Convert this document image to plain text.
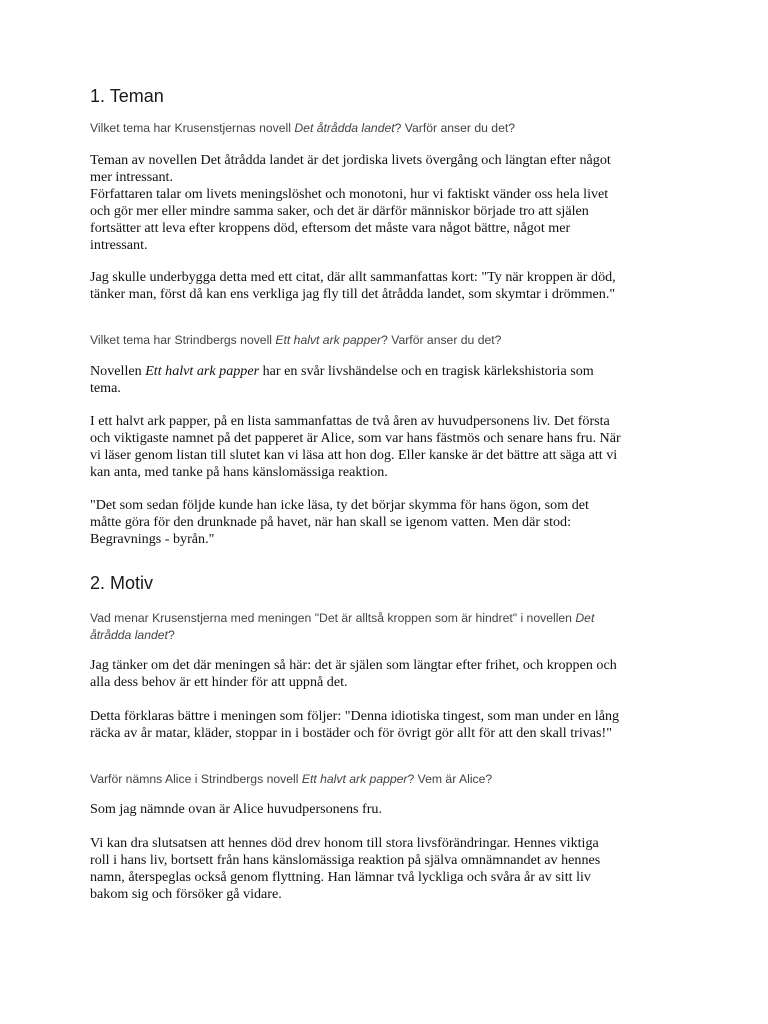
1. Teman

Vilket tema har Krusenstjernas novell Det åtrådda landet? Varför anser du det?

Teman av novellen Det åtrådda landet är det jordiska livets övergång och längtan efter något
mer intressant.
Författaren talar om livets meningslöshet och monotoni, hur vi faktiskt vänder oss hela livet
och gör mer eller mindre samma saker, och det är därför människor började tro att själen
fortsätter att leva efter kroppens död, eftersom det måste vara något bättre, något mer
intressant.
Jag skulle underbygga detta med ett citat, där allt sammanfattas kort: "Ty när kroppen är död,
tänker man, först då kan ens verkliga jag fly till det åtrådda landet, som skymtar i drömmen."

Vilket tema har Strindbergs novell Ett halvt ark papper? Varför anser du det?

Novellen Ett halvt ark papper har en svår livshändelse och en tragisk kärlekshistoria som
tema.
I ett halvt ark papper, på en lista sammanfattas de två åren av huvudpersonens liv. Det första
och viktigaste namnet på det papperet är Alice, som var hans fästmös och senare hans fru. När
vi läser genom listan till slutet kan vi läsa att hon dog. Eller kanske är det bättre att säga att vi
kan anta, med tanke på hans känslomässiga reaktion.
"Det som sedan följde kunde han icke läsa, ty det börjar skymma för hans ögon, som det
måtte göra för den drunknade på havet, när han skall se igenom vatten. Men där stod:
Begravnings - byrån."
2. Motiv

Vad menar Krusenstjerna med meningen "Det är alltså kroppen som är hindret" i novellen Det
åtrådda landet?

Jag tänker om det där meningen så här: det är själen som längtar efter frihet, och kroppen och
alla dess behov är ett hinder för att uppnå det.
Detta förklaras bättre i meningen som följer: "Denna idiotiska tingest, som man under en lång
räcka av år matar, kläder, stoppar in i bostäder och för övrigt gör allt för att den skall trivas!"

Varför nämns Alice i Strindbergs novell Ett halvt ark papper? Vem är Alice?

Som jag nämnde ovan är Alice huvudpersonens fru.
Vi kan dra slutsatsen att hennes död drev honom till stora livsförändringar. Hennes viktiga
roll i hans liv, bortsett från hans känslomässiga reaktion på själva omnämnandet av hennes
namn, återspeglas också genom flyttning. Han lämnar två lyckliga och svåra år av sitt liv
bakom sig och försöker gå vidare.
